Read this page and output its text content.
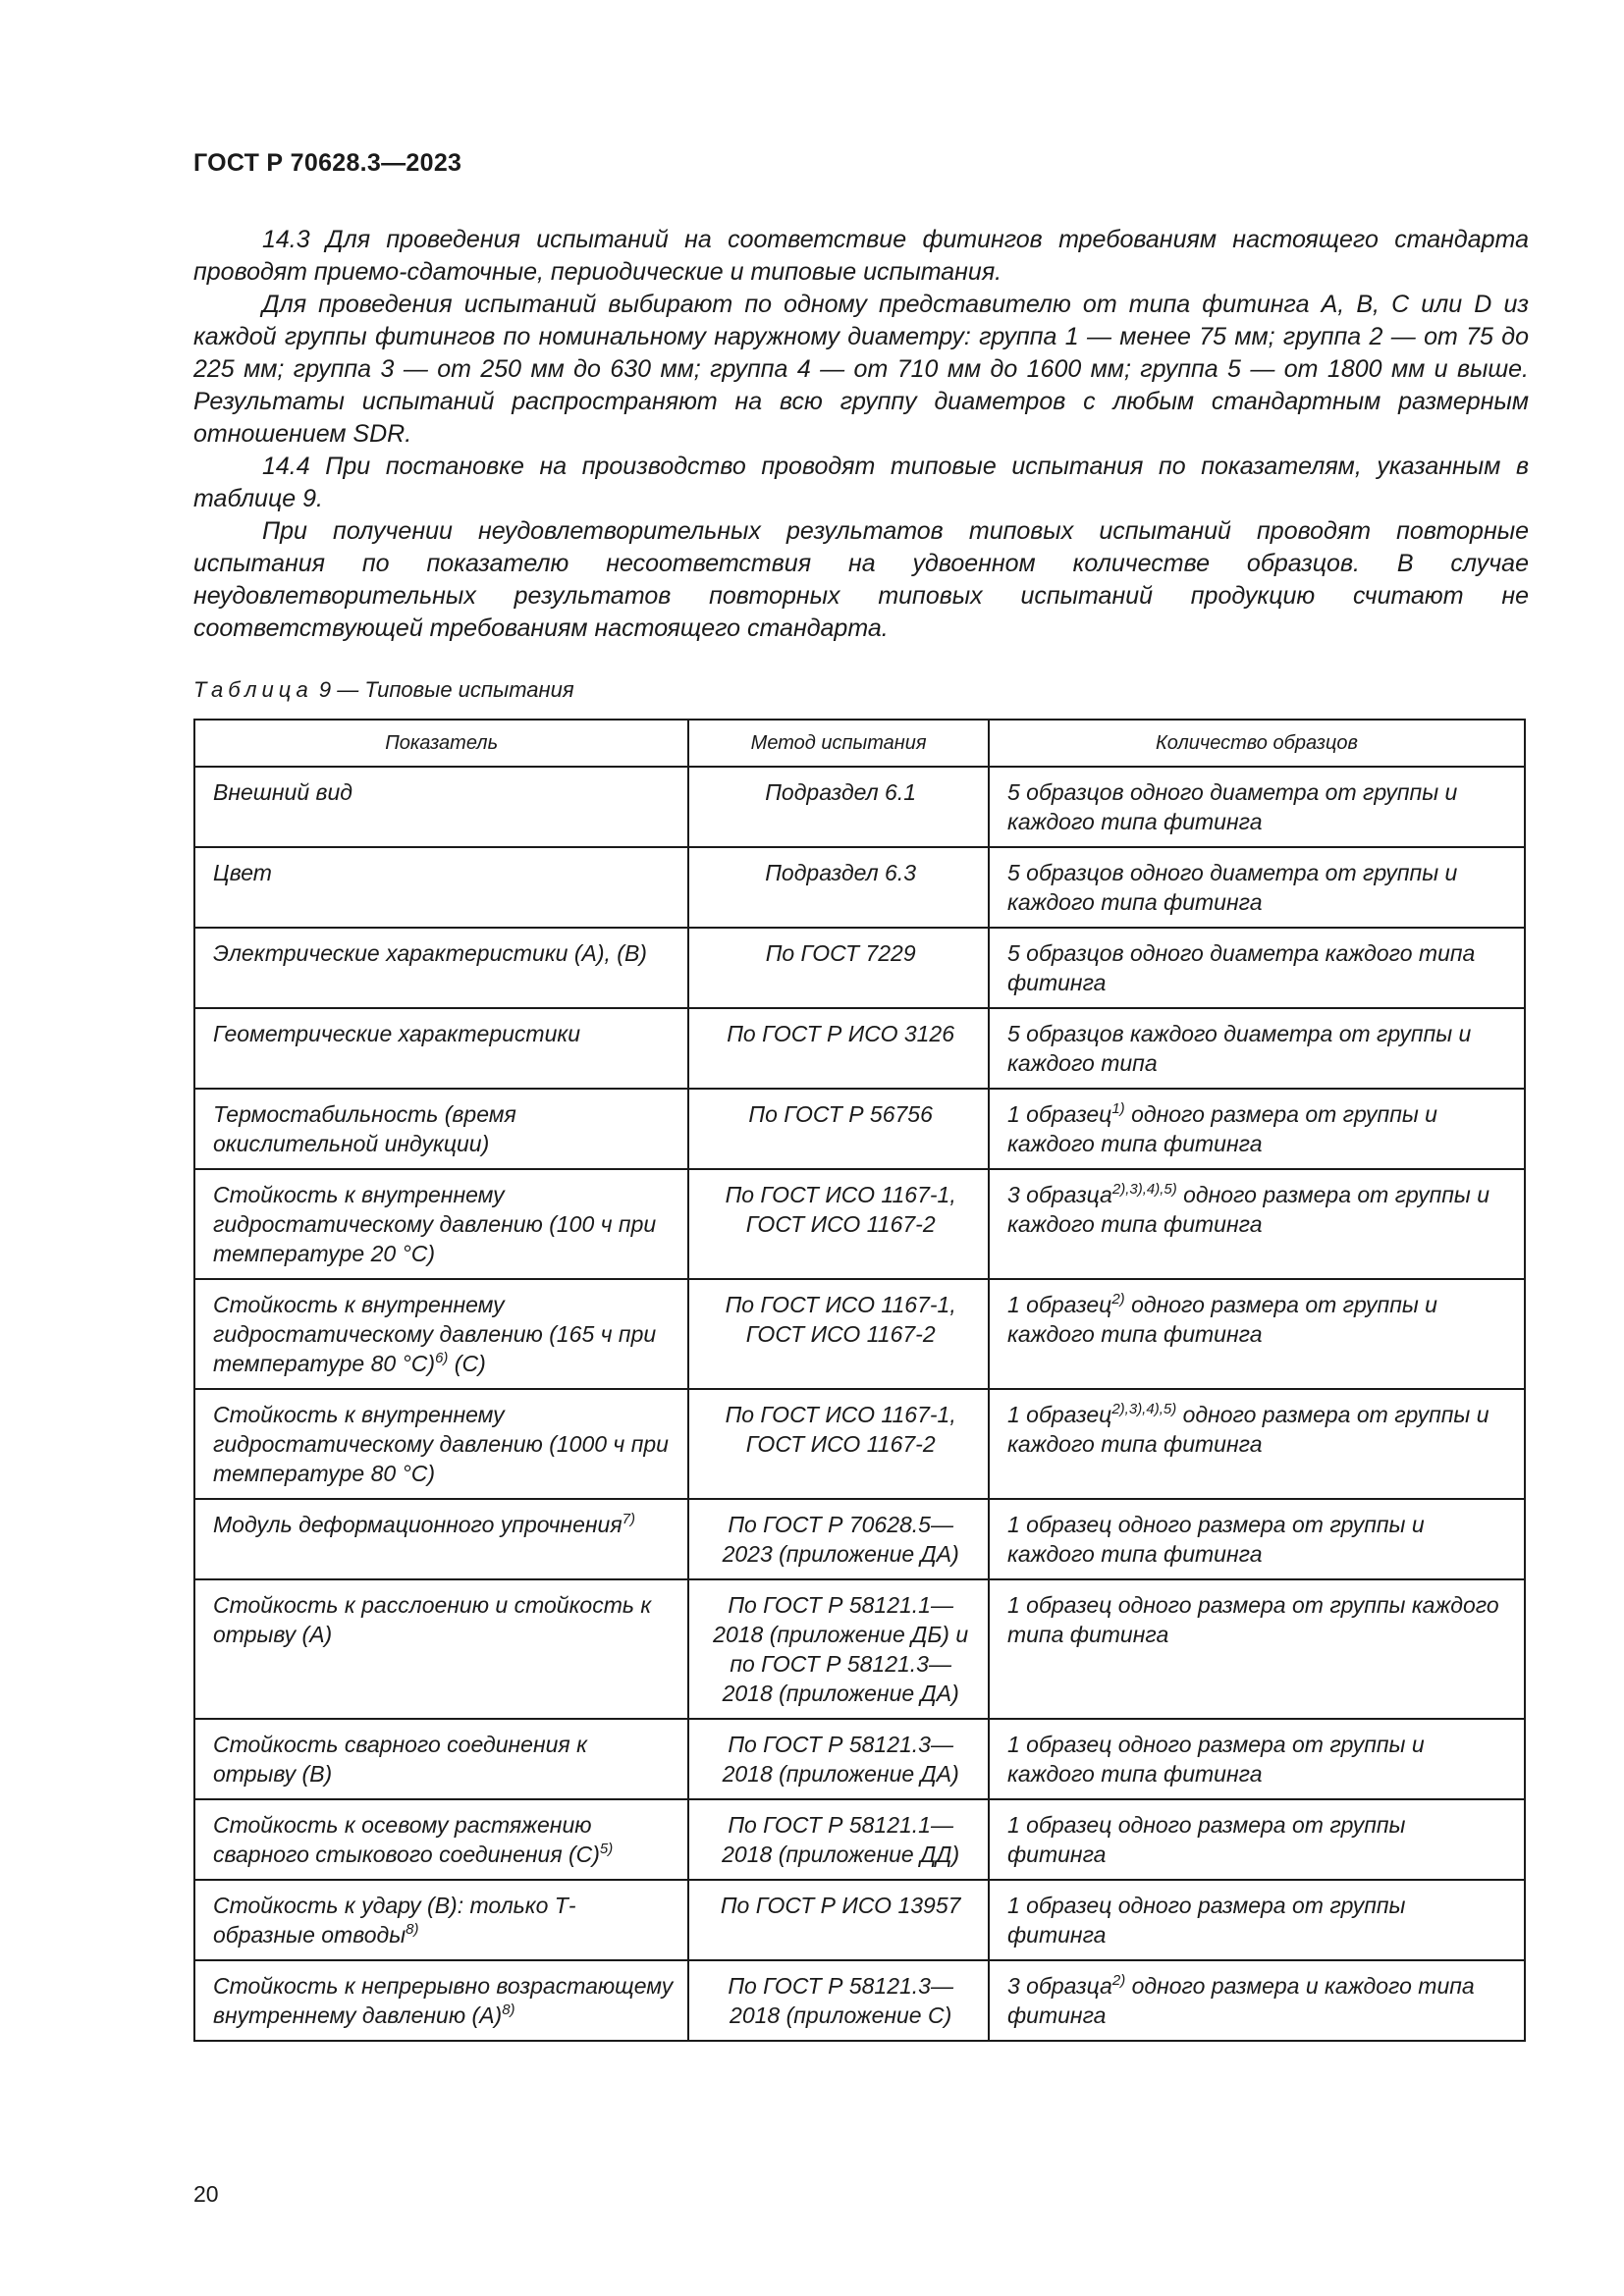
ГОСТ Р 70628.3—2023

14.3 Для проведения испытаний на соответствие фитингов требованиям настоящего стандарта проводят приемо-сдаточные, периодические и типовые испытания.

Для проведения испытаний выбирают по одному представителю от типа фитинга А, В, С или D из каждой группы фитингов по номинальному наружному диаметру: группа 1 — менее 75 мм; группа 2 — от 75 до 225 мм; группа 3 — от 250 мм до 630 мм; группа 4 — от 710 мм до 1600 мм; группа 5 — от 1800 мм и выше. Результаты испытаний распространяют на всю группу диаметров с любым стандартным размерным отношением SDR.

14.4 При постановке на производство проводят типовые испытания по показателям, указанным в таблице 9.

При получении неудовлетворительных результатов типовых испытаний проводят повторные испытания по показателю несоответствия на удвоенном количестве образцов. В случае неудовлетворительных результатов повторных типовых испытаний продукцию считают не соответствующей требованиям настоящего стандарта.

Таблица 9 — Типовые испытания
Показатель	Метод испытания	Количество образцов
Внешний вид	Подраздел 6.1	5 образцов одного диаметра от группы и каждого типа фитинга
Цвет	Подраздел 6.3	5 образцов одного диаметра от группы и каждого типа фитинга
Электрические характеристики (А), (В)	По ГОСТ 7229	5 образцов одного диаметра каждого типа фитинга
Геометрические характеристики	По ГОСТ Р ИСО 3126	5 образцов каждого диаметра от группы и каждого типа
Термостабильность (время окислительной индукции)	По ГОСТ Р 56756	1 образец$^{1)}$ одного размера от группы и каждого типа фитинга
Стойкость к внутреннему гидростатическому давлению (100 ч при температуре 20 °С)	По ГОСТ ИСО 1167-1, ГОСТ ИСО 1167-2	3 образца$^{2),3),4),5)}$ одного размера от группы и каждого типа фитинга
Стойкость к внутреннему гидростатическому давлению (165 ч при температуре 80 °С)$^{6)}$ (С)	По ГОСТ ИСО 1167-1, ГОСТ ИСО 1167-2	1 образец$^{2)}$ одного размера от группы и каждого типа фитинга
Стойкость к внутреннему гидростатическому давлению (1000 ч при температуре 80 °С)	По ГОСТ ИСО 1167-1, ГОСТ ИСО 1167-2	1 образец$^{2),3),4),5)}$ одного размера от группы и каждого типа фитинга
Модуль деформационного упрочнения$^{7)}$	По ГОСТ Р 70628.5—2023 (приложение ДА)	1 образец одного размера от группы и каждого типа фитинга
Стойкость к расслоению и стойкость к отрыву (А)	По ГОСТ Р 58121.1—2018 (приложение ДБ) и по ГОСТ Р 58121.3—2018 (приложение ДА)	1 образец одного размера от группы каждого типа фитинга
Стойкость сварного соединения к отрыву (В)	По ГОСТ Р 58121.3—2018 (приложение ДА)	1 образец одного размера от группы и каждого типа фитинга
Стойкость к осевому растяжению сварного стыкового соединения $(С)^{5)}$	По ГОСТ Р 58121.1—2018 (приложение ДД)	1 образец одного размера от группы фитинга
Стойкость к удару (В): только Т-образные отводы$^{8)}$	По ГОСТ Р ИСО 13957	1 образец одного размера от группы фитинга
Стойкость к непрерывно возрастающему внутреннему давлению $(А)^{8)}$	По ГОСТ Р 58121.3—2018 (приложение С)	3 образца$^{2)}$ одного размера и каждого типа фитинга
20
